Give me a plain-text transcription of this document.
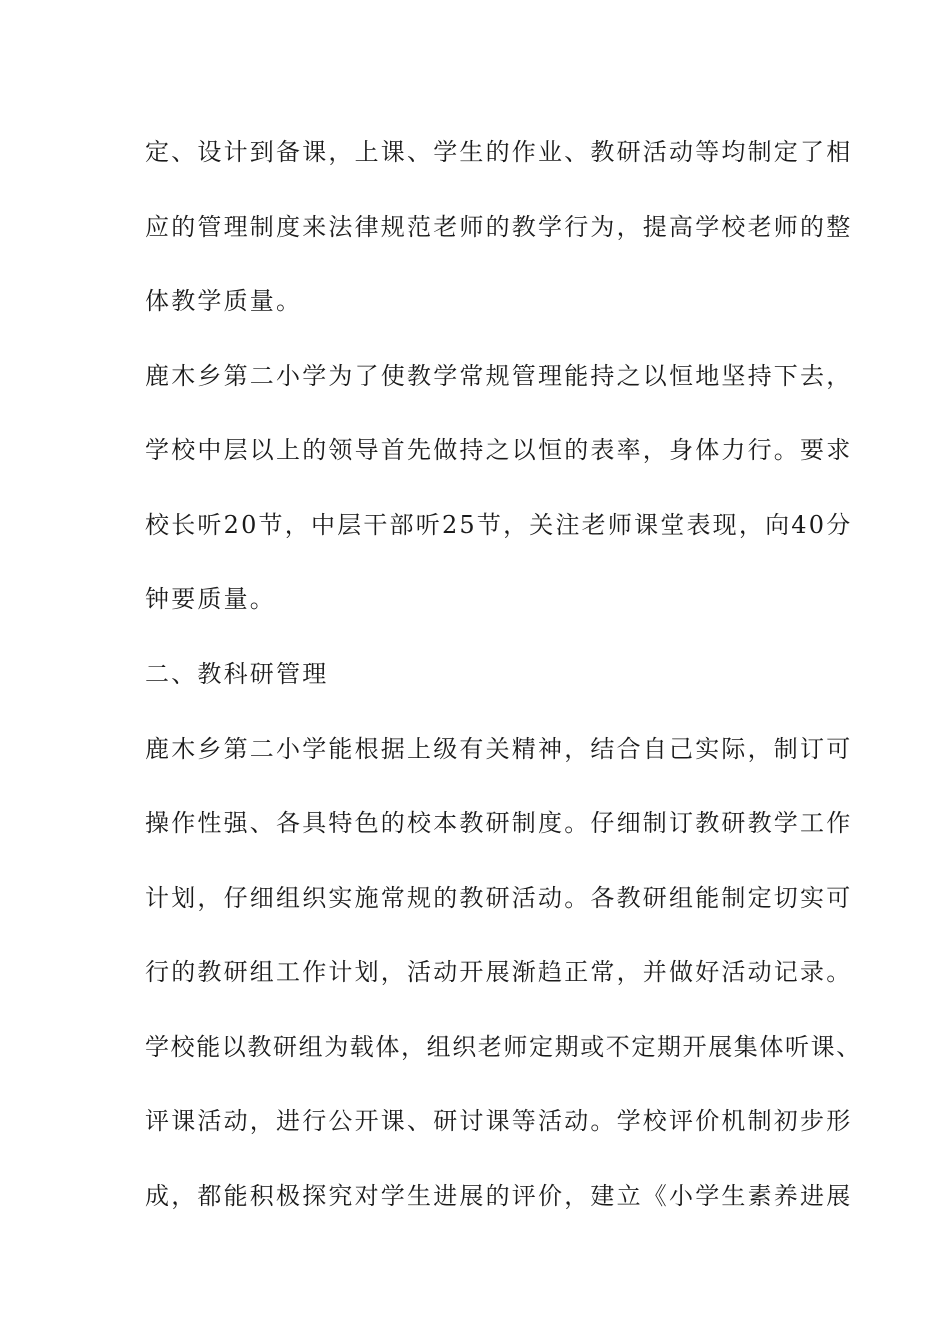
定、设计到备课，上课、学生的作业、教研活动等均制定了相
应的管理制度来法律规范老师的教学行为，提高学校老师的整
体教学质量。
鹿木乡第二小学为了使教学常规管理能持之以恒地坚持下去，
学校中层以上的领导首先做持之以恒的表率，身体力行。要求
校长听20节，中层干部听25节，关注老师课堂表现，向40分
钟要质量。
二、教科研管理
鹿木乡第二小学能根据上级有关精神，结合自己实际，制订可
操作性强、各具特色的校本教研制度。仔细制订教研教学工作
计划，仔细组织实施常规的教研活动。各教研组能制定切实可
行的教研组工作计划，活动开展渐趋正常，并做好活动记录。
学校能以教研组为载体，组织老师定期或不定期开展集体听课、
评课活动，进行公开课、研讨课等活动。学校评价机制初步形
成，都能积极探究对学生进展的评价，建立《小学生素养进展
